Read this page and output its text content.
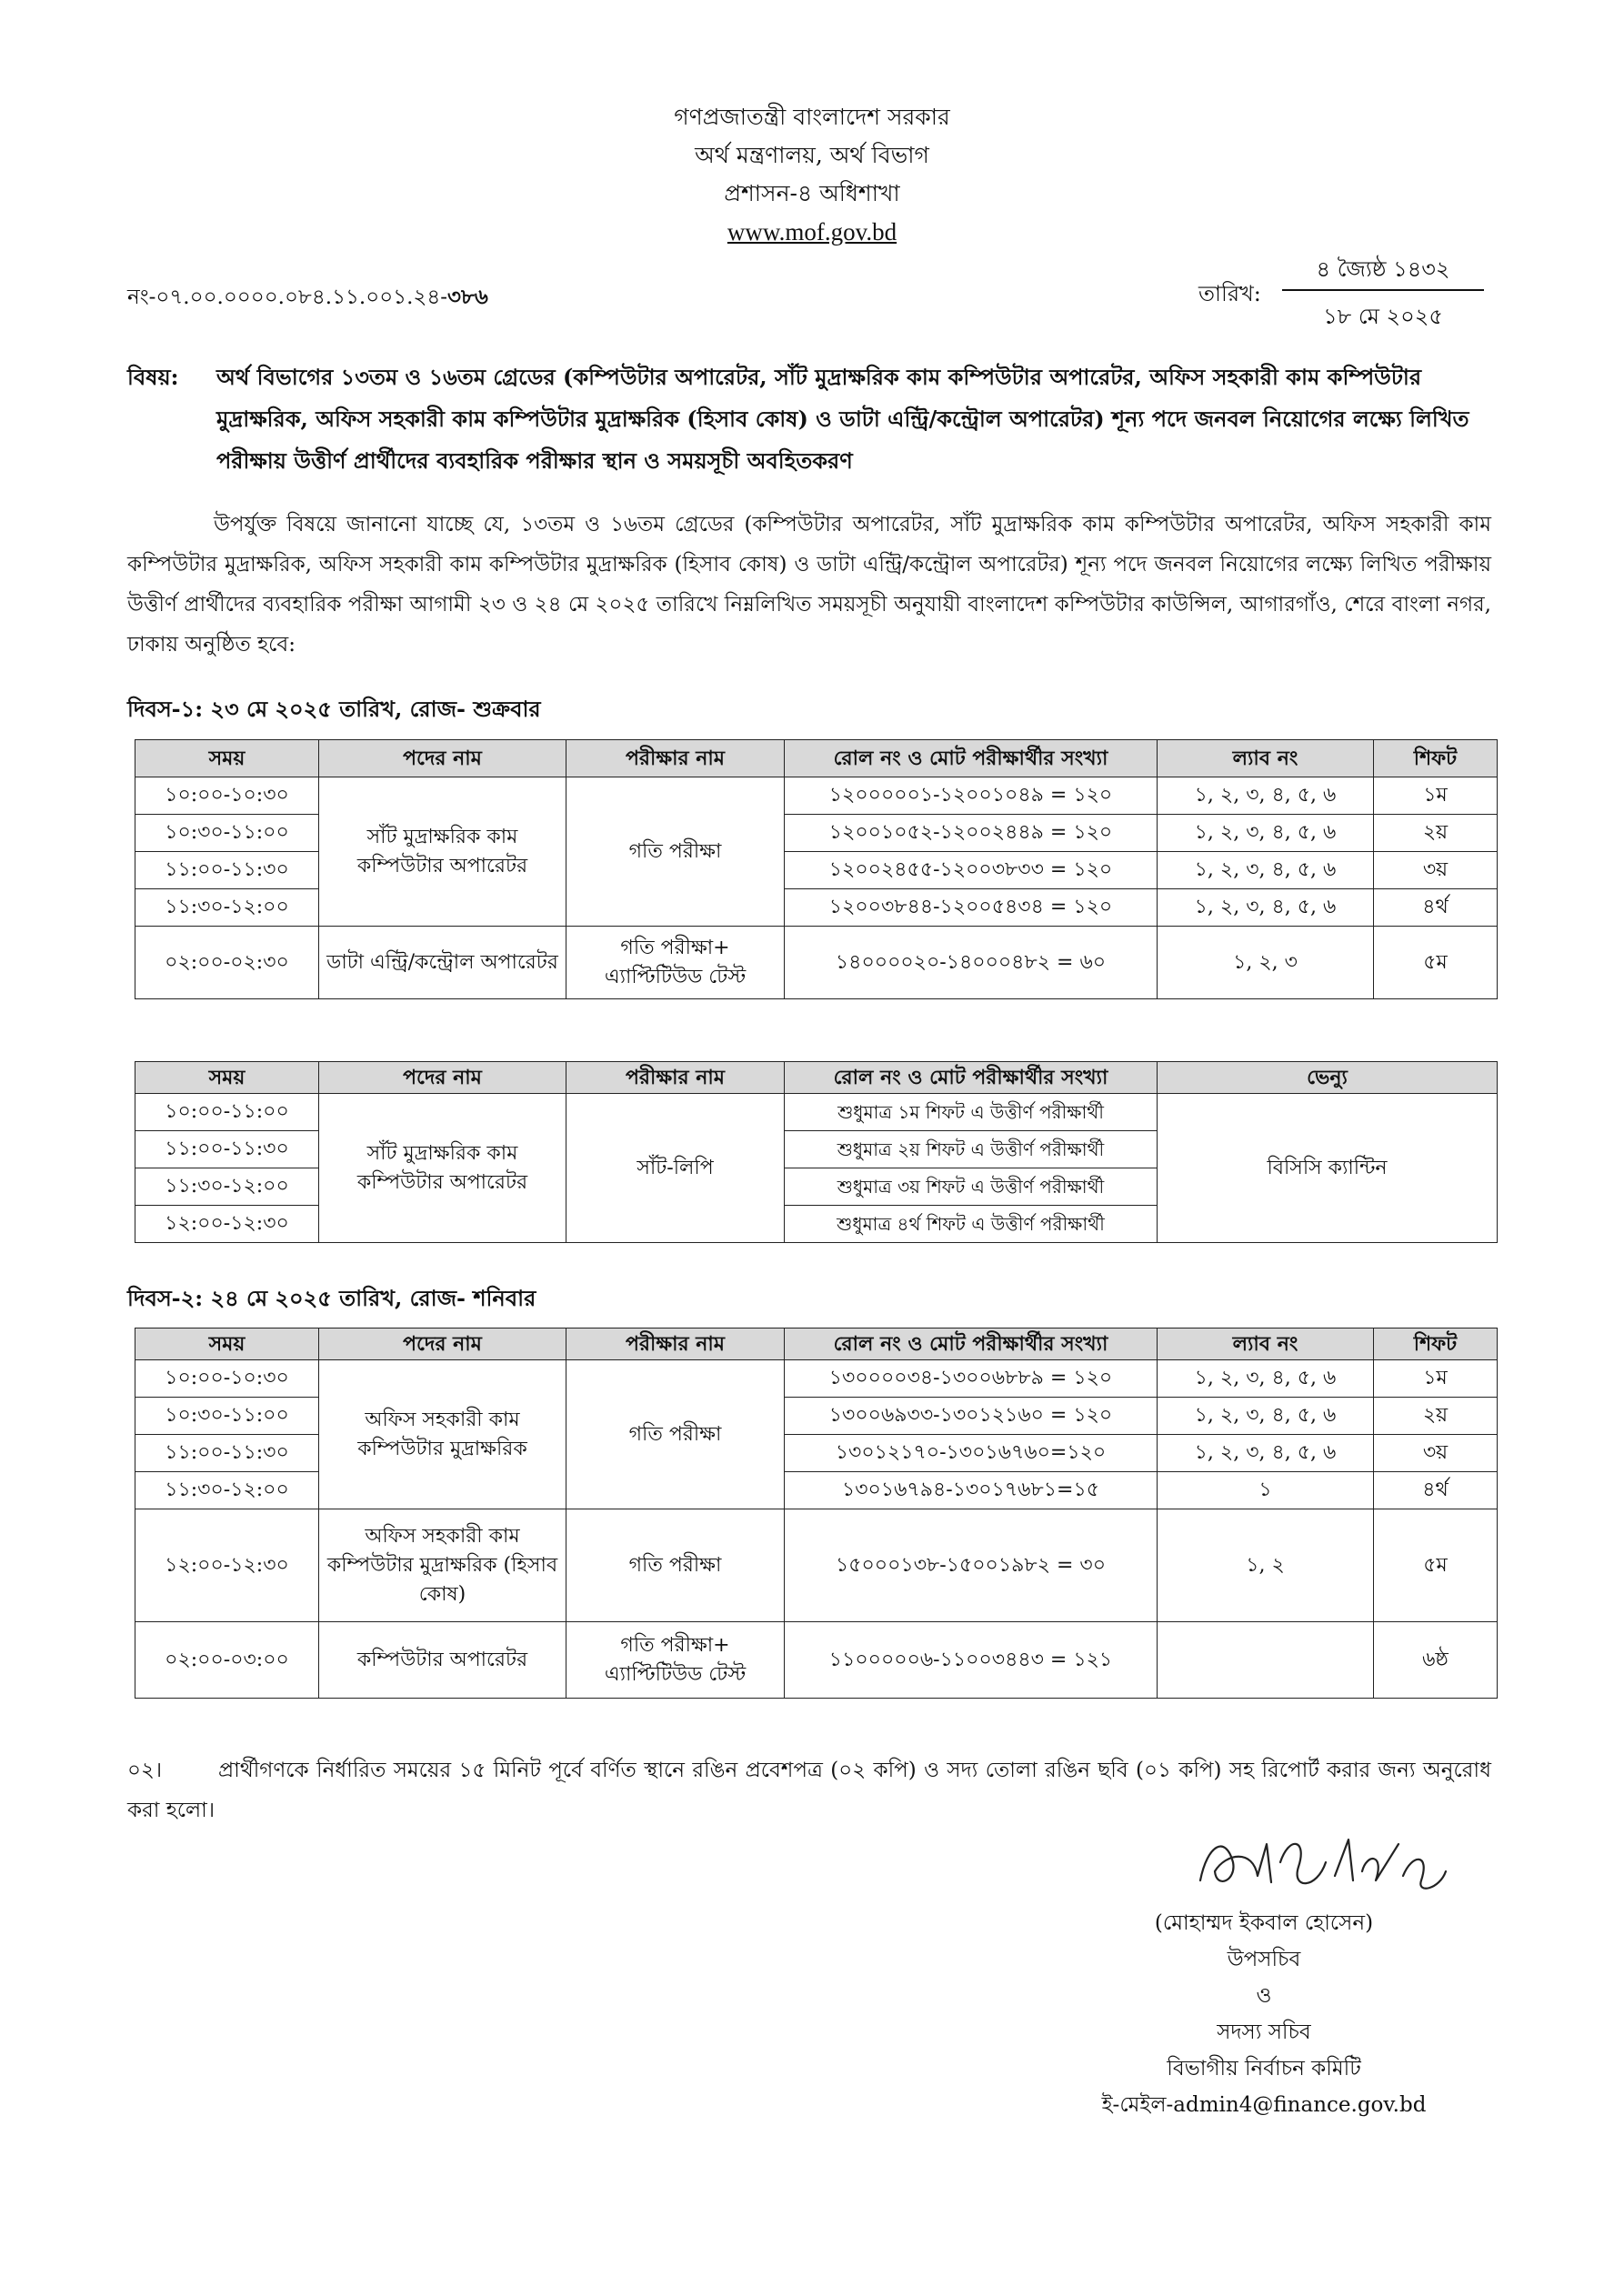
গণপ্রজাতন্ত্রী বাংলাদেশ সরকার
অর্থ মন্ত্রণালয়, অর্থ বিভাগ
প্রশাসন-৪ অধিশাখা
www.mof.gov.bd
নং-০৭.০০.০০০০.০৮৪.১১.০০১.২৪-৩৮৬	তারিখ:
৪ জ্যৈষ্ঠ ১৪৩২
১৮ মে ২০২৫
বিষয়: অর্থ বিভাগের ১৩তম ও ১৬তম গ্রেডের (কম্পিউটার অপারেটর, সাঁট মুদ্রাক্ষরিক কাম কম্পিউটার অপারেটর, অফিস সহকারী কাম কম্পিউটার মুদ্রাক্ষরিক, অফিস সহকারী কাম কম্পিউটার মুদ্রাক্ষরিক (হিসাব কোষ) ও ডাটা এন্ট্রি/কন্ট্রোল অপারেটর) শূন্য পদে জনবল নিয়োগের লক্ষ্যে লিখিত পরীক্ষায় উত্তীর্ণ প্রার্থীদের ব্যবহারিক পরীক্ষার স্থান ও সময়সূচী অবহিতকরণ
উপর্যুক্ত বিষয়ে জানানো যাচ্ছে যে, ১৩তম ও ১৬তম গ্রেডের (কম্পিউটার অপারেটর, সাঁট মুদ্রাক্ষরিক কাম কম্পিউটার অপারেটর, অফিস সহকারী কাম কম্পিউটার মুদ্রাক্ষরিক, অফিস সহকারী কাম কম্পিউটার মুদ্রাক্ষরিক (হিসাব কোষ) ও ডাটা এন্ট্রি/কন্ট্রোল অপারেটর) শূন্য পদে জনবল নিয়োগের লক্ষ্যে লিখিত পরীক্ষায় উত্তীর্ণ প্রার্থীদের ব্যবহারিক পরীক্ষা আগামী ২৩ ও ২৪ মে ২০২৫ তারিখে নিম্নলিখিত সময়সূচী অনুযায়ী বাংলাদেশ কম্পিউটার কাউন্সিল, আগারগাঁও, শেরে বাংলা নগর, ঢাকায় অনুষ্ঠিত হবে:
দিবস-১: ২৩ মে ২০২৫ তারিখ, রোজ- শুক্রবার
সময়	পদের নাম	পরীক্ষার নাম	রোল নং ও মোট পরীক্ষার্থীর সংখ্যা	ল্যাব নং	শিফট
১০:০০-১০:৩০	সাঁট মুদ্রাক্ষরিক কাম কম্পিউটার অপারেটর	গতি পরীক্ষা	১২০০০০০১-১২০০১০৪৯ = ১২০	১, ২, ৩, ৪, ৫, ৬	১ম
১০:৩০-১১:০০			১২০০১০৫২-১২০০২৪৪৯ = ১২০	১, ২, ৩, ৪, ৫, ৬	২য়
১১:০০-১১:৩০			১২০০২৪৫৫-১২০০৩৮৩৩ = ১২০	১, ২, ৩, ৪, ৫, ৬	৩য়
১১:৩০-১২:০০			১২০০৩৮৪৪-১২০০৫৪৩৪ = ১২০	১, ২, ৩, ৪, ৫, ৬	৪র্থ
০২:০০-০২:৩০	ডাটা এন্ট্রি/কন্ট্রোল অপারেটর	গতি পরীক্ষা+ এ্যাপ্টিটিউড টেস্ট	১৪০০০০২০-১৪০০০৪৮২ = ৬০	১, ২, ৩	৫ম
সময়	পদের নাম	পরীক্ষার নাম	রোল নং ও মোট পরীক্ষার্থীর সংখ্যা	ভেন্যু
১০:০০-১১:০০	সাঁট মুদ্রাক্ষরিক কাম কম্পিউটার অপারেটর	সাঁট-লিপি	শুধুমাত্র ১ম শিফট এ উত্তীর্ণ পরীক্ষার্থী	বিসিসি ক্যান্টিন
১১:০০-১১:৩০			শুধুমাত্র ২য় শিফট এ উত্তীর্ণ পরীক্ষার্থী	
১১:৩০-১২:০০			শুধুমাত্র ৩য় শিফট এ উত্তীর্ণ পরীক্ষার্থী	
১২:০০-১২:৩০			শুধুমাত্র ৪র্থ শিফট এ উত্তীর্ণ পরীক্ষার্থী	
দিবস-২: ২৪ মে ২০২৫ তারিখ, রোজ- শনিবার
সময়	পদের নাম	পরীক্ষার নাম	রোল নং ও মোট পরীক্ষার্থীর সংখ্যা	ল্যাব নং	শিফট
১০:০০-১০:৩০	অফিস সহকারী কাম কম্পিউটার মুদ্রাক্ষরিক	গতি পরীক্ষা	১৩০০০০৩৪-১৩০০৬৮৮৯ = ১২০	১, ২, ৩, ৪, ৫, ৬	১ম
১০:৩০-১১:০০			১৩০০৬৯৩৩-১৩০১২১৬০ = ১২০	১, ২, ৩, ৪, ৫, ৬	২য়
১১:০০-১১:৩০			১৩০১২১৭০-১৩০১৬৭৬০=১২০	১, ২, ৩, ৪, ৫, ৬	৩য়
১১:৩০-১২:০০			১৩০১৬৭৯৪-১৩০১৭৬৮১=১৫	১	৪র্থ
১২:০০-১২:৩০	অফিস সহকারী কাম কম্পিউটার মুদ্রাক্ষরিক (হিসাব কোষ)	গতি পরীক্ষা	১৫০০০১৩৮-১৫০০১৯৮২ = ৩০	১, ২	৫ম
০২:০০-০৩:০০	কম্পিউটার অপারেটর	গতি পরীক্ষা+ এ্যাপ্টিটিউড টেস্ট	১১০০০০০৬-১১০০৩৪৪৩ = ১২১		৬ষ্ঠ
০২।	প্রার্থীগণকে নির্ধারিত সময়ের ১৫ মিনিট পূর্বে বর্ণিত স্থানে রঙিন প্রবেশপত্র (০২ কপি) ও সদ্য তোলা রঙিন ছবি (০১ কপি) সহ রিপোর্ট করার জন্য অনুরোধ করা হলো।
(মোহাম্মদ ইকবাল হোসেন)
উপসচিব
ও
সদস্য সচিব
বিভাগীয় নির্বাচন কমিটি
ই-মেইল-admin4@finance.gov.bd
